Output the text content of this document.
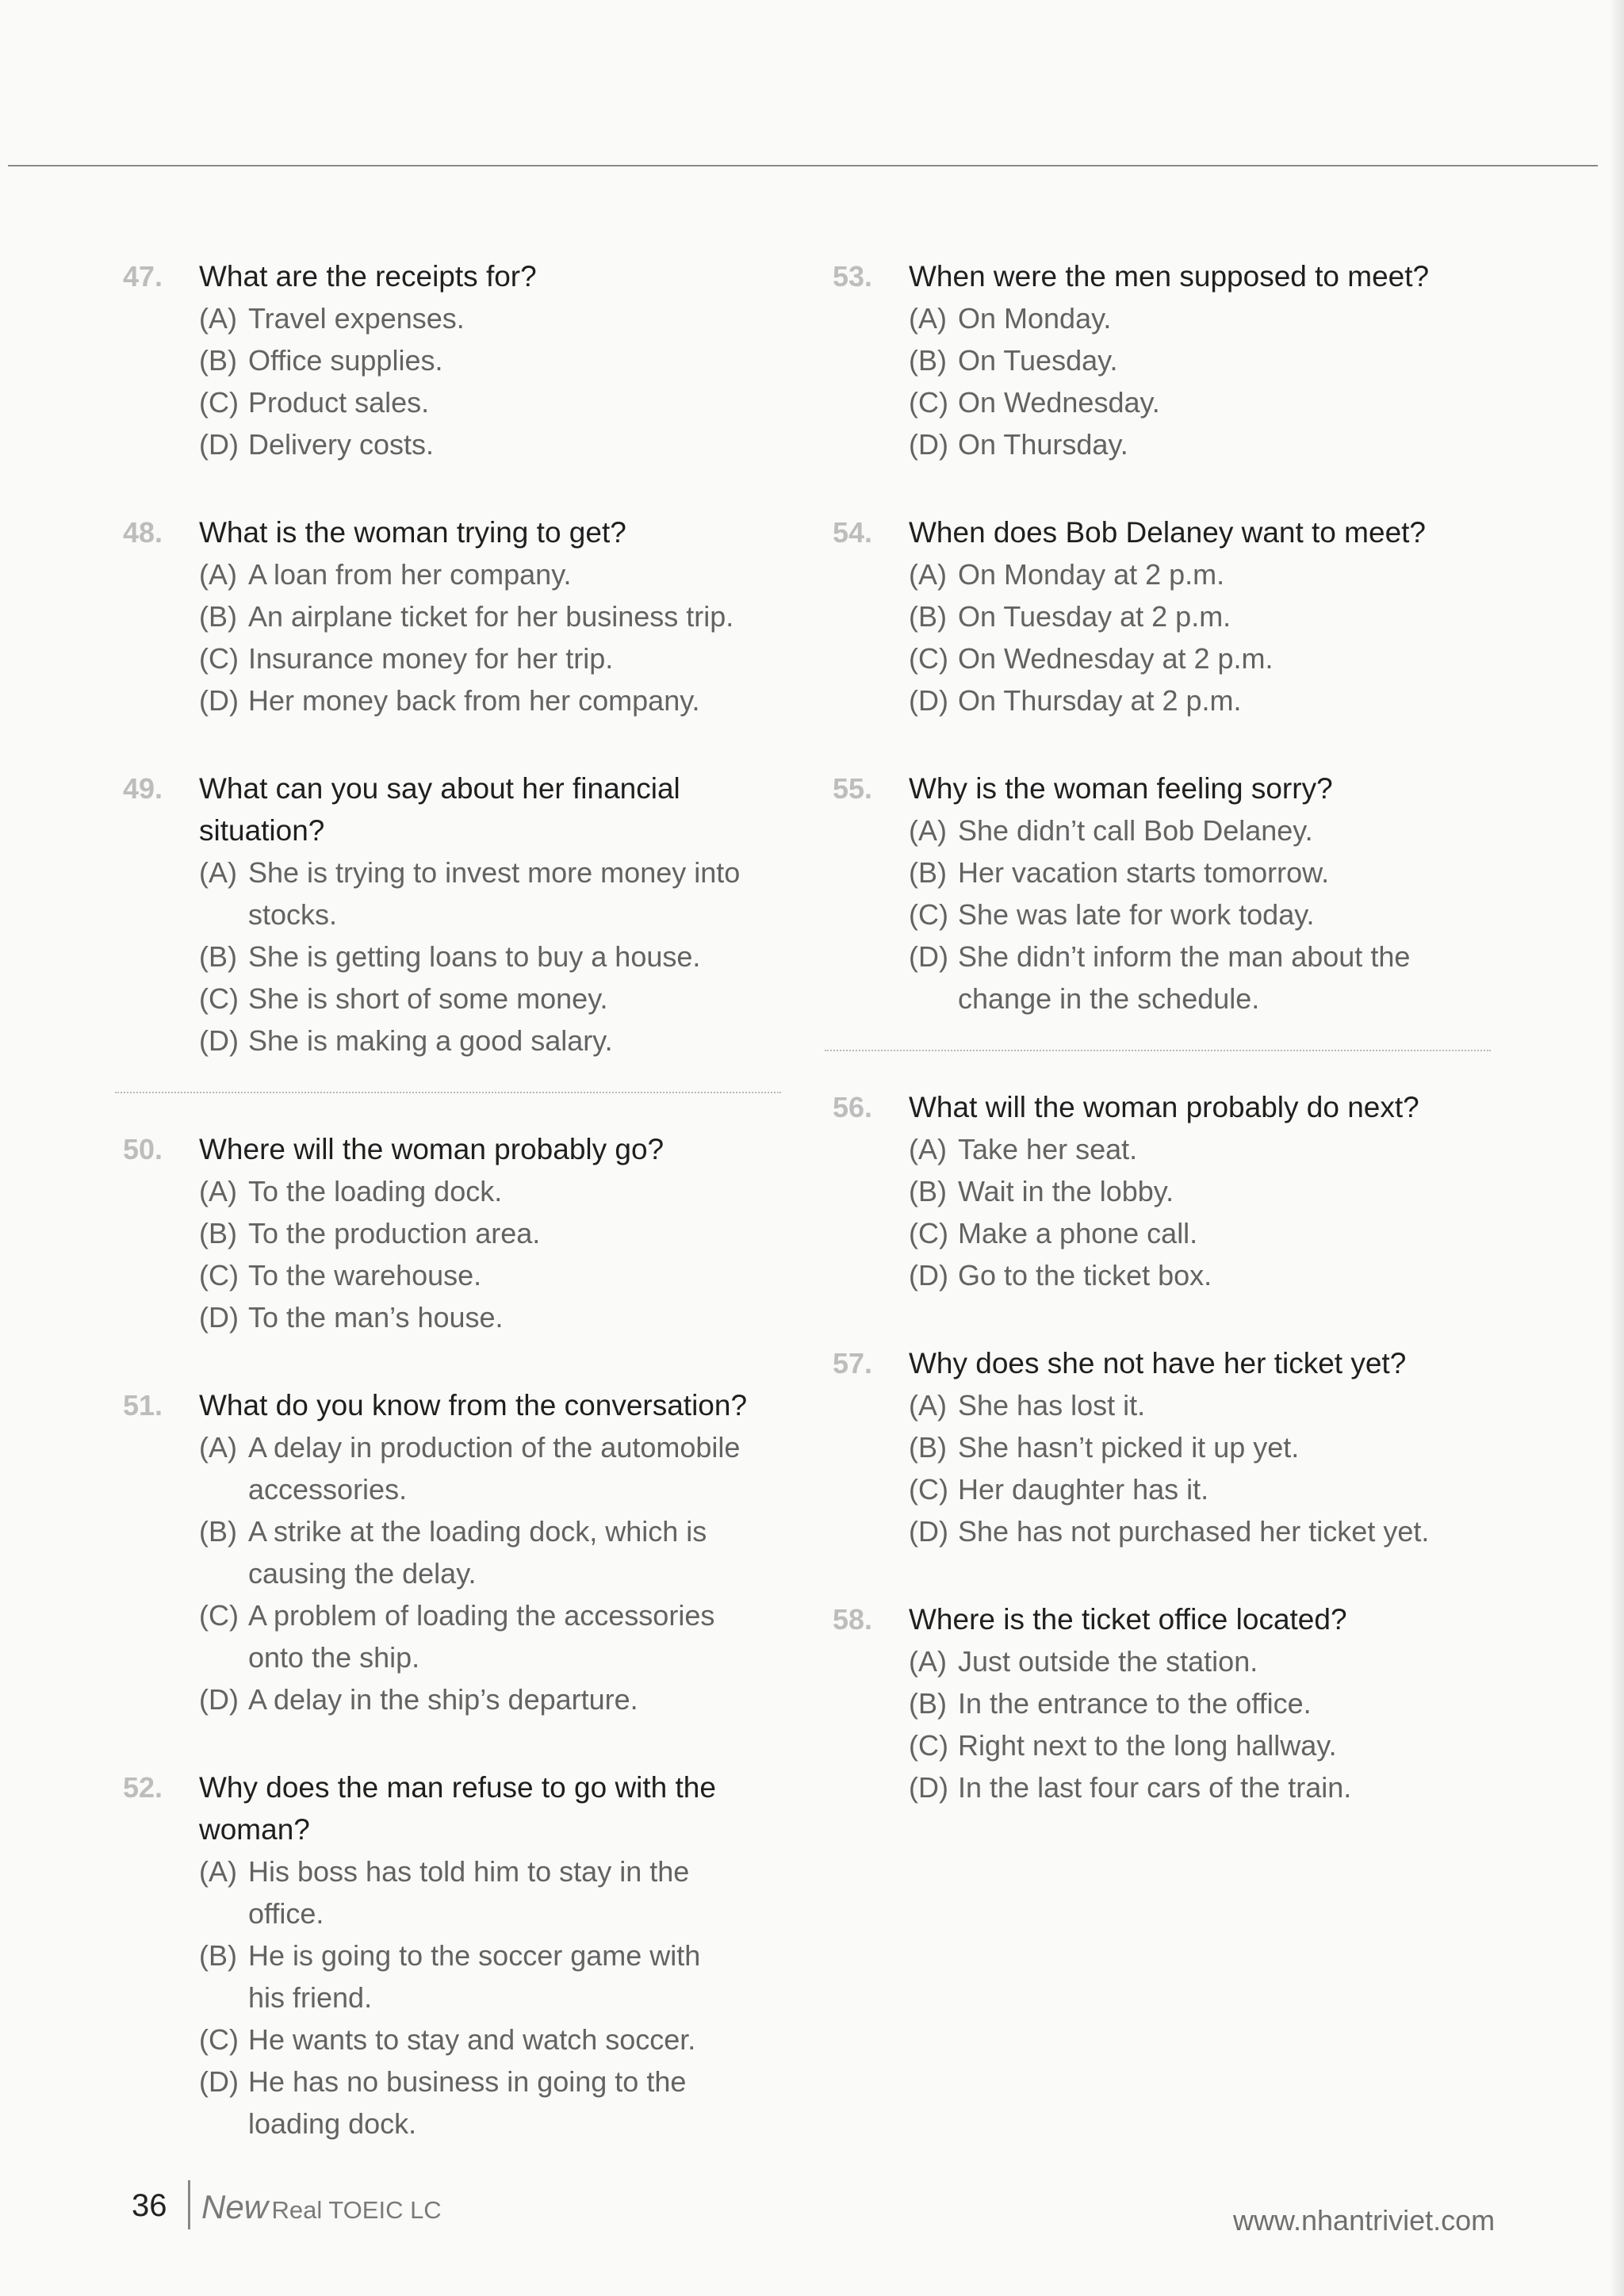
47.	What are the receipts for?
(A) Travel expenses.
(B) Office supplies.
(C) Product sales.
(D) Delivery costs.
48.	What is the woman trying to get?
(A) A loan from her company.
(B) An airplane ticket for her business trip.
(C) Insurance money for her trip.
(D) Her money back from her company.
49.	What can you say about her financial situation?
(A) She is trying to invest more money into stocks.
(B) She is getting loans to buy a house.
(C) She is short of some money.
(D) She is making a good salary.
50.	Where will the woman probably go?
(A) To the loading dock.
(B) To the production area.
(C) To the warehouse.
(D) To the man’s house.
51.	What do you know from the conversation?
(A) A delay in production of the automobile accessories.
(B) A strike at the loading dock, which is causing the delay.
(C) A problem of loading the accessories onto the ship.
(D) A delay in the ship’s departure.
52.	Why does the man refuse to go with the woman?
(A) His boss has told him to stay in the office.
(B) He is going to the soccer game with his friend.
(C) He wants to stay and watch soccer.
(D) He has no business in going to the loading dock.
53.	When were the men supposed to meet?
(A) On Monday.
(B) On Tuesday.
(C) On Wednesday.
(D) On Thursday.
54.	When does Bob Delaney want to meet?
(A) On Monday at 2 p.m.
(B) On Tuesday at 2 p.m.
(C) On Wednesday at 2 p.m.
(D) On Thursday at 2 p.m.
55.	Why is the woman feeling sorry?
(A) She didn’t call Bob Delaney.
(B) Her vacation starts tomorrow.
(C) She was late for work today.
(D) She didn’t inform the man about the change in the schedule.
56.	What will the woman probably do next?
(A) Take her seat.
(B) Wait in the lobby.
(C) Make a phone call.
(D) Go to the ticket box.
57.	Why does she not have her ticket yet?
(A) She has lost it.
(B) She hasn’t picked it up yet.
(C) Her daughter has it.
(D) She has not purchased her ticket yet.
58.	Where is the ticket office located?
(A) Just outside the station.
(B) In the entrance to the office.
(C) Right next to the long hallway.
(D) In the last four cars of the train.
36 New Real TOEIC LC	www.nhantriviet.com
